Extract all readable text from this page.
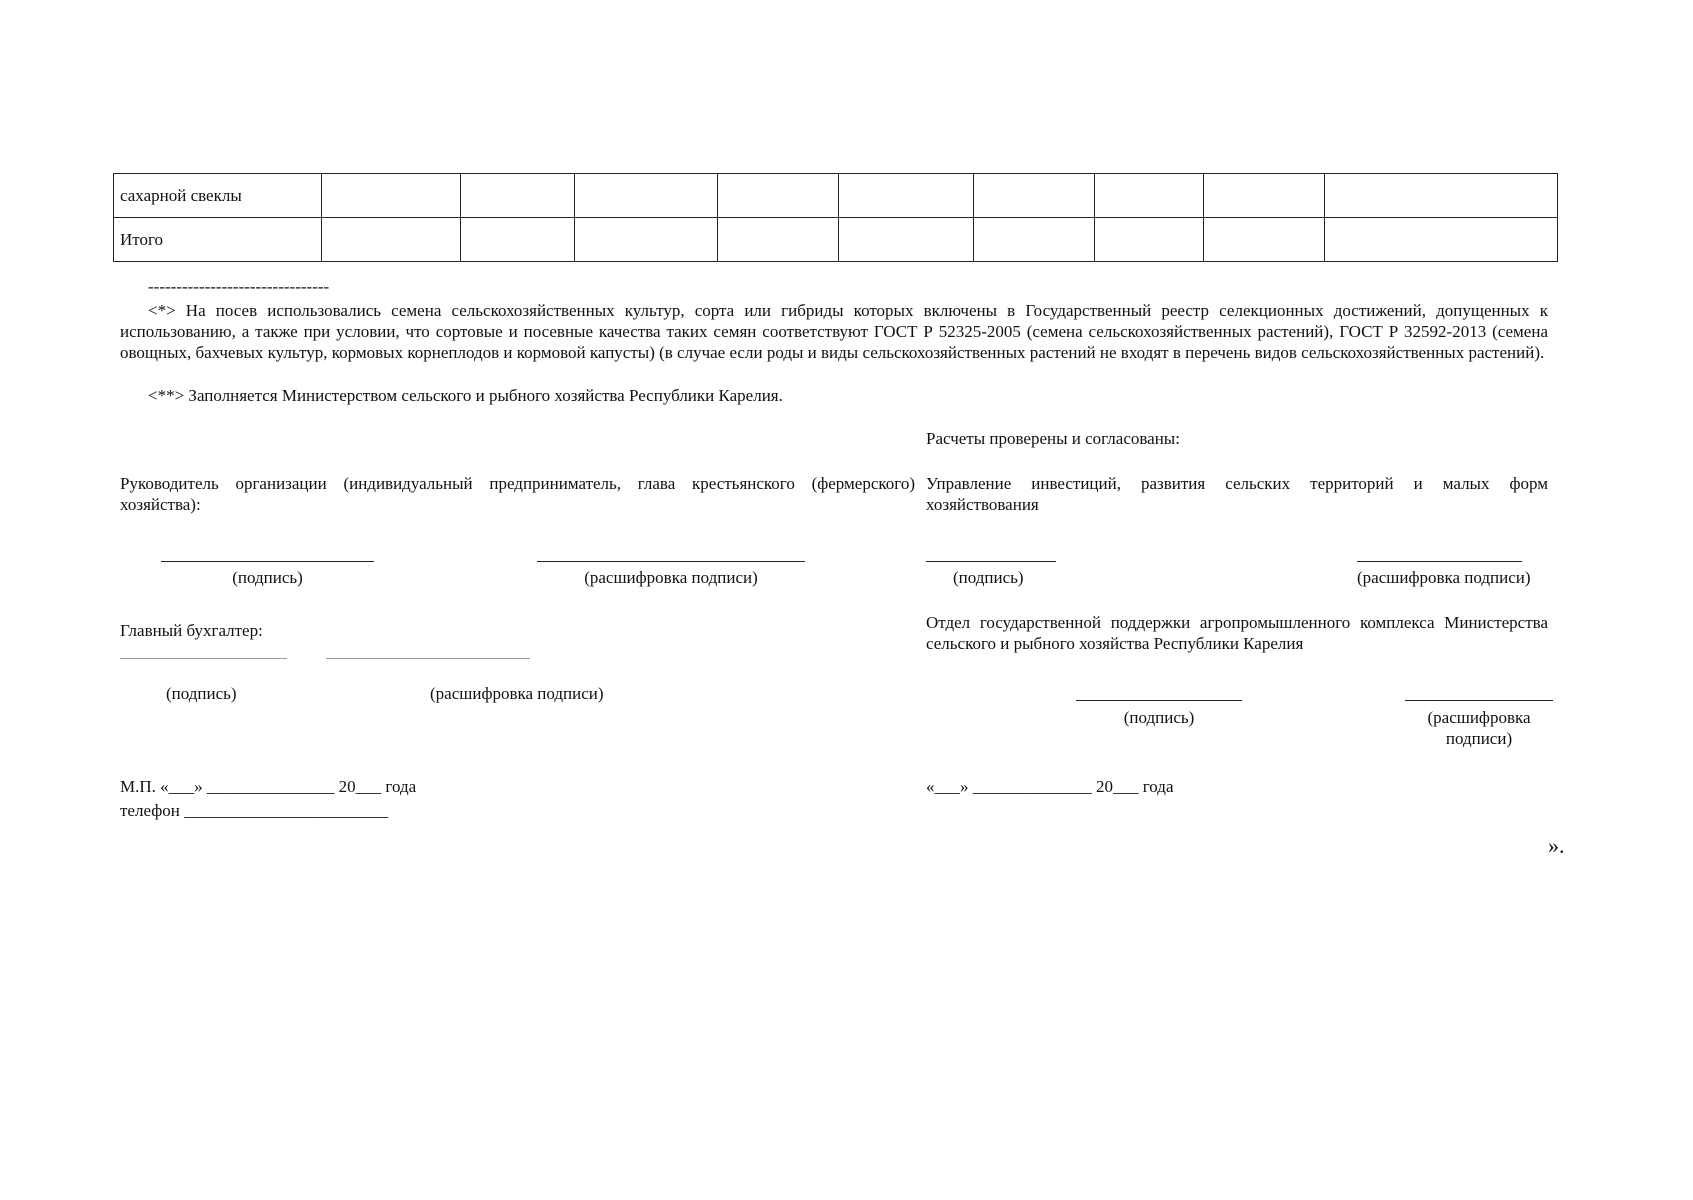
сахарной свеклы									
Итого									
--------------------------------
<*> На посев использовались семена сельскохозяйственных культур, сорта или гибриды которых включены в Государственный реестр селекционных достижений, допущенных к использованию, а также при условии, что сортовые и посевные качества таких семян соответствуют ГОСТ Р 52325-2005 (семена сельскохозяйственных растений), ГОСТ Р 32592-2013 (семена овощных, бахчевых культур, кормовых корнеплодов и кормовой капусты) (в случае если роды и виды сельскохозяйственных растений не входят в перечень видов сельскохозяйственных растений).
<**> Заполняется Министерством сельского и рыбного хозяйства Республики Карелия.
Расчеты проверены и согласованы:
Руководитель организации (индивидуальный предприниматель, глава крестьянского (фермерского) хозяйства):
Управление инвестиций, развития сельских территорий и малых форм хозяйствования
(подпись)	(расшифровка подписи)	(подпись)	(расшифровка подписи)
Главный бухгалтер:
(подпись)	(расшифровка подписи)
Отдел государственной поддержки агропромышленного комплекса Министерства сельского и рыбного хозяйства Республики Карелия
(подпись)	(расшифровка подписи)
М.П. «___» _______________ 20___ года
телефон ________________________
«___» ______________ 20___ года
».
